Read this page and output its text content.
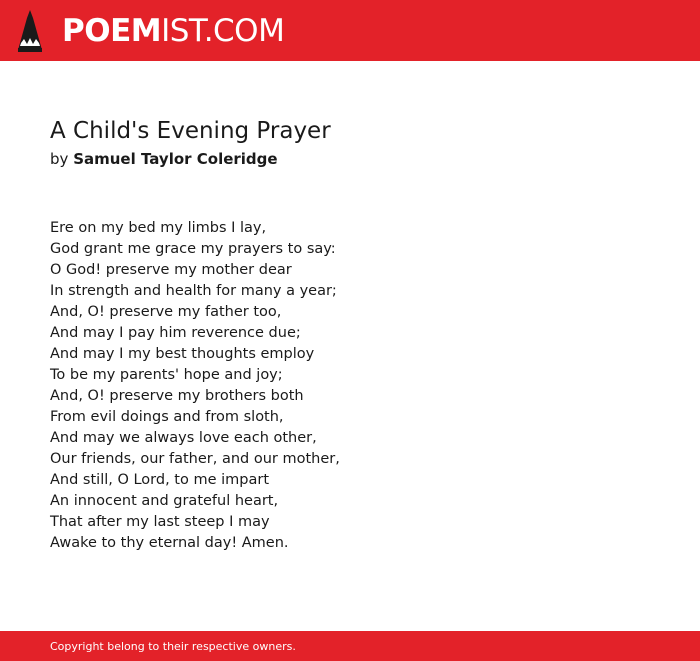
POEMIST.COM
A Child's Evening Prayer
by Samuel Taylor Coleridge
Ere on my bed my limbs I lay,
God grant me grace my prayers to say:
O God! preserve my mother dear
In strength and health for many a year;
And, O! preserve my father too,
And may I pay him reverence due;
And may I my best thoughts employ
To be my parents' hope and joy;
And, O! preserve my brothers both
From evil doings and from sloth,
And may we always love each other,
Our friends, our father, and our mother,
And still, O Lord, to me impart
An innocent and grateful heart,
That after my last steep I may
Awake to thy eternal day! Amen.
Copyright belong to their respective owners.
